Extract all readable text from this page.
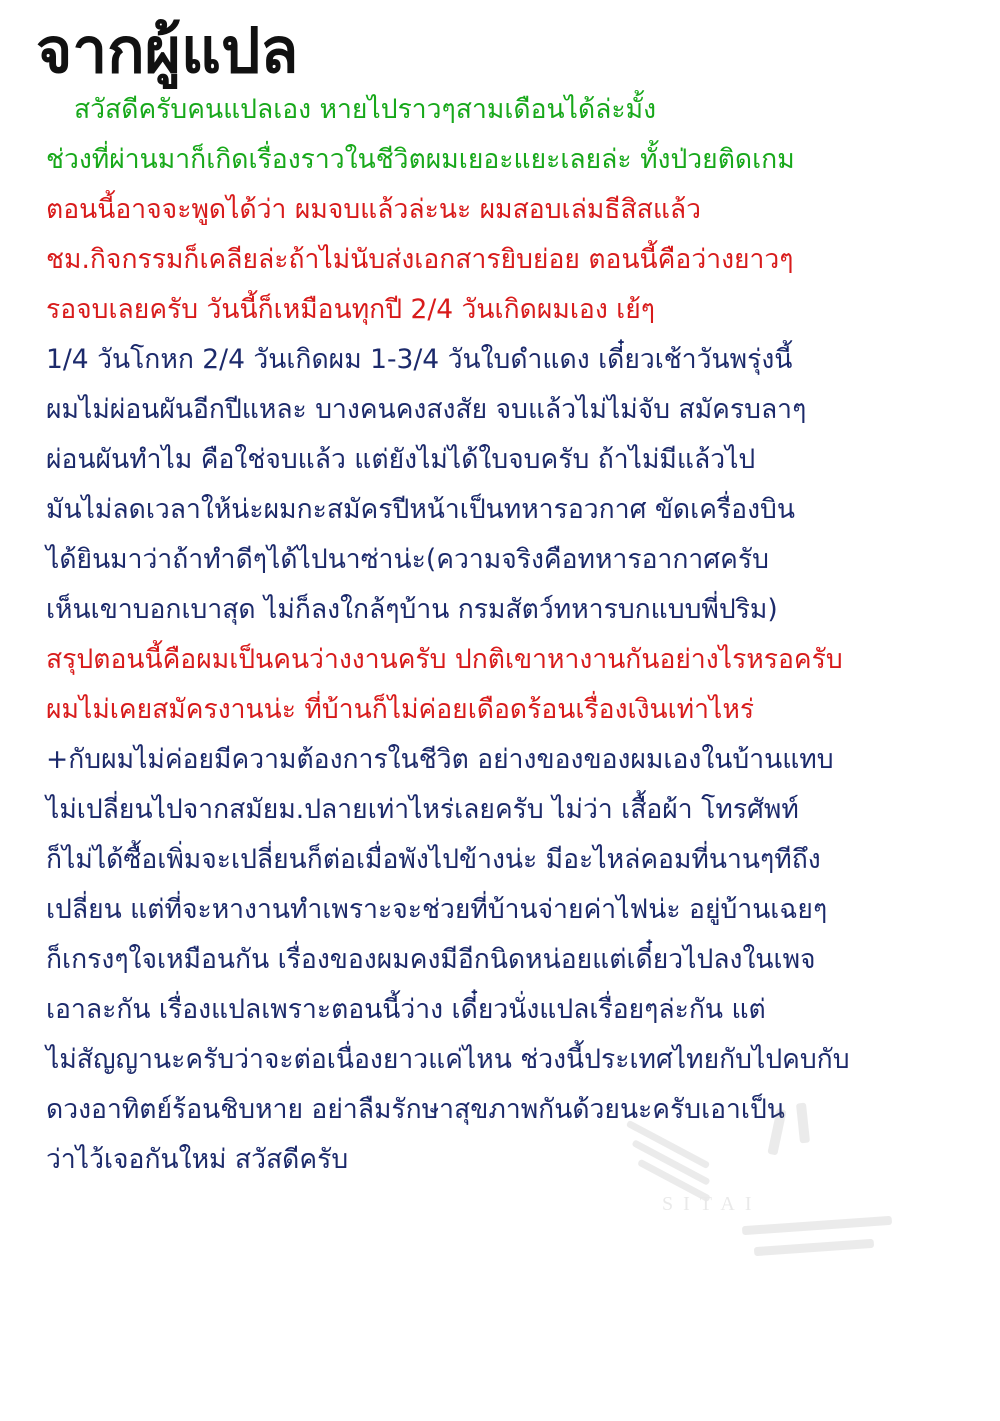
จากผู้แปล
สวัสดีครับคนแปลเอง หายไปราวๆสามเดือนได้ล่ะมั้ง
ช่วงที่ผ่านมาก็เกิดเรื่องราวในชีวิตผมเยอะแยะเลยล่ะ ทั้งป่วยติดเกม
ตอนนี้อาจจะพูดได้ว่า ผมจบแล้วล่ะนะ ผมสอบเล่มธีสิสแล้ว
ชม.กิจกรรมก็เคลียล่ะถ้าไม่นับส่งเอกสารยิบย่อย ตอนนี้คือว่างยาวๆ
รอจบเลยครับ วันนี้ก็เหมือนทุกปี 2/4 วันเกิดผมเอง เย้ๆ
1/4 วันโกหก 2/4 วันเกิดผม 1-3/4 วันใบดำแดง เดี๋ยวเช้าวันพรุ่งนี้
ผมไม่ผ่อนผันอีกปีแหละ บางคนคงสงสัย จบแล้วไม่ไม่จับ สมัครบลาๆ
ผ่อนผันทำไม คือใช่จบแล้ว แต่ยังไม่ได้ใบจบครับ ถ้าไม่มีแล้วไป
มันไม่ลดเวลาให้น่ะผมกะสมัครปีหน้าเป็นทหารอวกาศ ขัดเครื่องบิน
ได้ยินมาว่าถ้าทำดีๆได้ไปนาซ่าน่ะ(ความจริงคือทหารอากาศครับ
เห็นเขาบอกเบาสุด ไม่ก็ลงใกล้ๆบ้าน กรมสัตว์ทหารบกแบบพี่ปริม)
สรุปตอนนี้คือผมเป็นคนว่างงานครับ ปกติเขาหางานกันอย่างไรหรอครับ
ผมไม่เคยสมัครงานน่ะ ที่บ้านก็ไม่ค่อยเดือดร้อนเรื่องเงินเท่าไหร่
+กับผมไม่ค่อยมีความต้องการในชีวิต อย่างของของผมเองในบ้านแทบ
ไม่เปลี่ยนไปจากสมัยม.ปลายเท่าไหร่เลยครับ ไม่ว่า เสื้อผ้า โทรศัพท์
ก็ไม่ได้ซื้อเพิ่มจะเปลี่ยนก็ต่อเมื่อพังไปข้างน่ะ มีอะไหล่คอมที่นานๆทีถึง
เปลี่ยน แต่ที่จะหางานทำเพราะจะช่วยที่บ้านจ่ายค่าไฟน่ะ อยู่บ้านเฉยๆ
ก็เกรงๆใจเหมือนกัน เรื่องของผมคงมีอีกนิดหน่อยแต่เดี๋ยวไปลงในเพจ
เอาละกัน เรื่องแปลเพราะตอนนี้ว่าง เดี๋ยวนั่งแปลเรื่อยๆล่ะกัน แต่
ไม่สัญญานะครับว่าจะต่อเนื่องยาวแค่ไหน ช่วงนี้ประเทศไทยกับไปคบกับ
ดวงอาทิตย์ร้อนชิบหาย อย่าลืมรักษาสุขภาพกันด้วยนะครับเอาเป็น
ว่าไว้เจอกันใหม่ สวัสดีครับ
SITAI
